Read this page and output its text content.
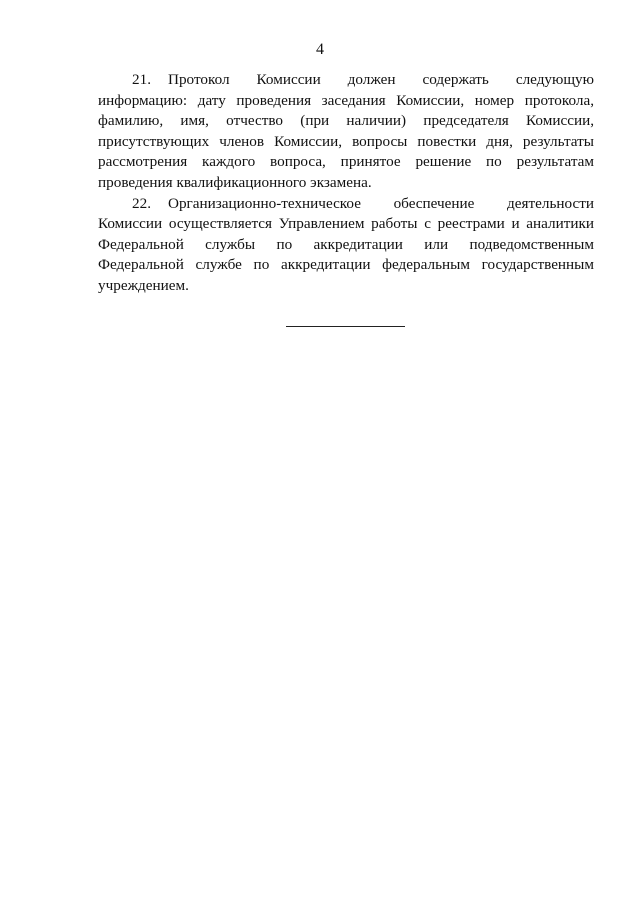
4

21. Протокол Комиссии должен содержать следующую информацию: дату проведения заседания Комиссии, номер протокола, фамилию, имя, отчество (при наличии) председателя Комиссии, присутствующих членов Комиссии, вопросы повестки дня, результаты рассмотрения каждого вопроса, принятое решение по результатам проведения квалификационного экзамена.

22. Организационно-техническое обеспечение деятельности Комиссии осуществляется Управлением работы с реестрами и аналитики Федеральной службы по аккредитации или подведомственным Федеральной службе по аккредитации федеральным государственным учреждением.
